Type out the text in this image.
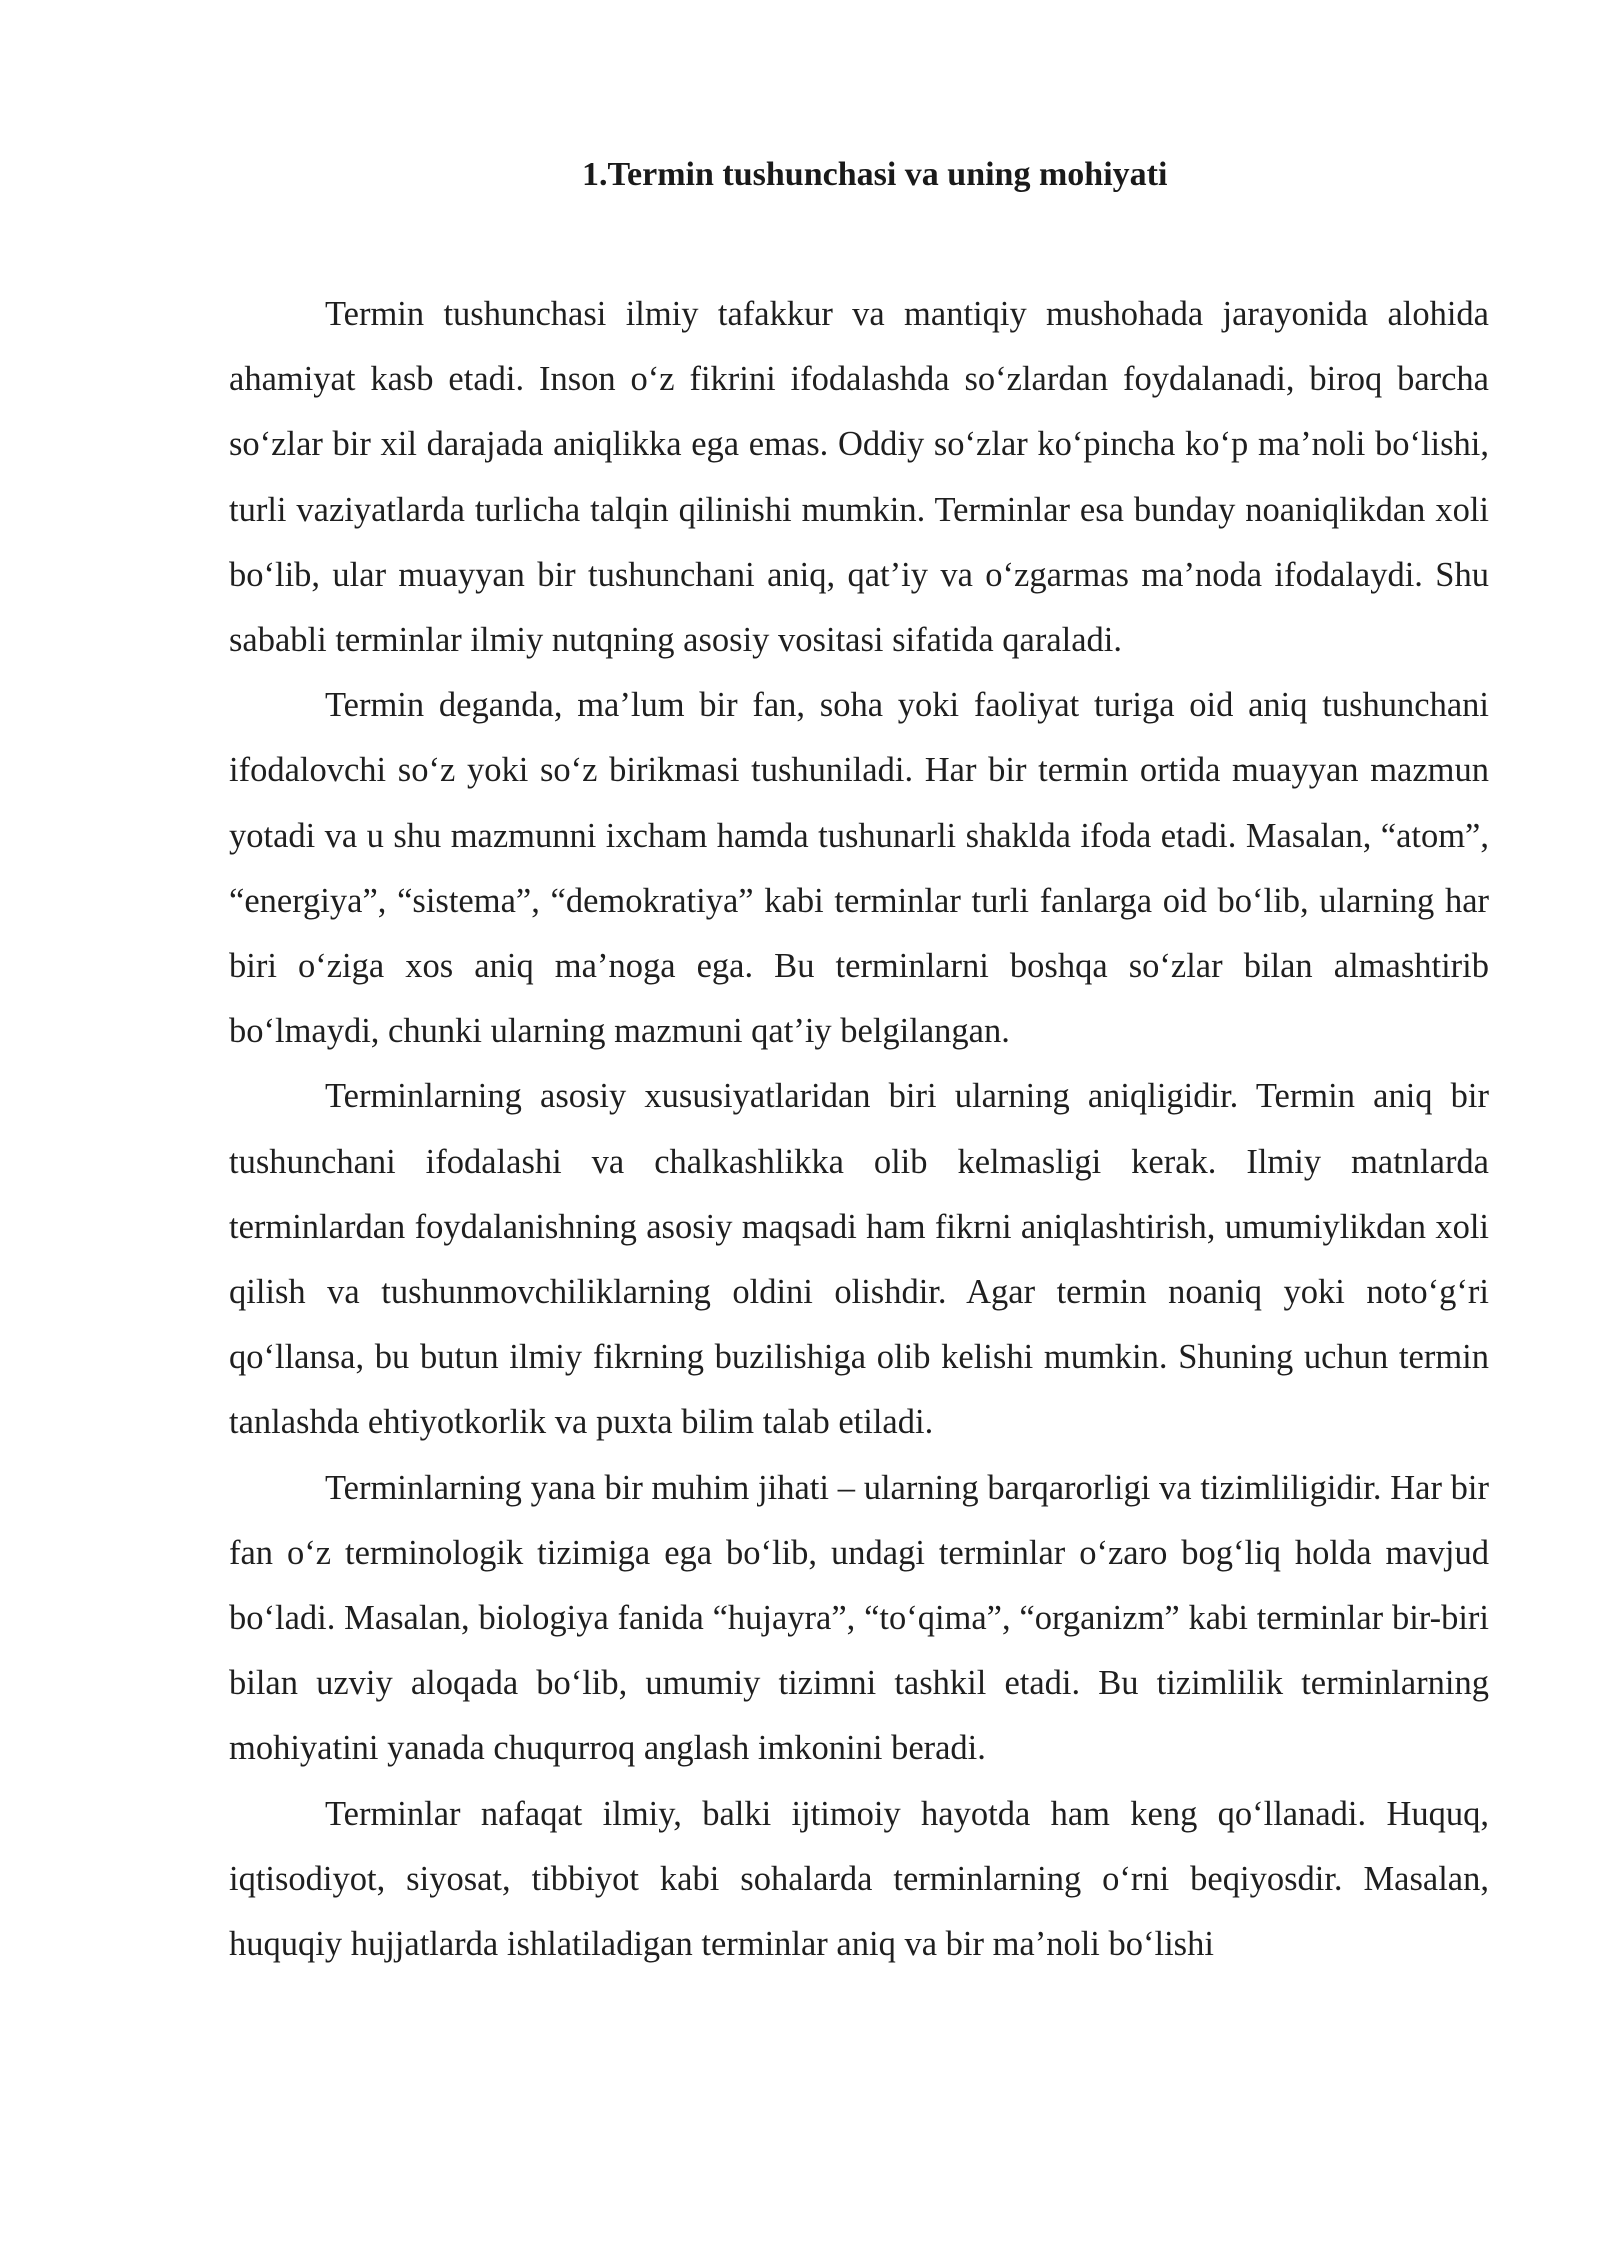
1.Termin tushunchasi va uning mohiyati

Termin tushunchasi ilmiy tafakkur va mantiqiy mushohada jarayonida alohida ahamiyat kasb etadi. Inson o‘z fikrini ifodalashda so‘zlardan foydalanadi, biroq barcha so‘zlar bir xil darajada aniqlikka ega emas. Oddiy so‘zlar ko‘pincha ko‘p ma’noli bo‘lishi, turli vaziyatlarda turlicha talqin qilinishi mumkin. Terminlar esa bunday noaniqlikdan xoli bo‘lib, ular muayyan bir tushunchani aniq, qat’iy va o‘zgarmas ma’noda ifodalaydi. Shu sababli terminlar ilmiy nutqning asosiy vositasi sifatida qaraladi.

Termin deganda, ma’lum bir fan, soha yoki faoliyat turiga oid aniq tushunchani ifodalovchi so‘z yoki so‘z birikmasi tushuniladi. Har bir termin ortida muayyan mazmun yotadi va u shu mazmunni ixcham hamda tushunarli shaklda ifoda etadi. Masalan, “atom”, “energiya”, “sistema”, “demokratiya” kabi terminlar turli fanlarga oid bo‘lib, ularning har biri o‘ziga xos aniq ma’noga ega. Bu terminlarni boshqa so‘zlar bilan almashtirib bo‘lmaydi, chunki ularning mazmuni qat’iy belgilangan.

Terminlarning asosiy xususiyatlaridan biri ularning aniqligidir. Termin aniq bir tushunchani ifodalashi va chalkashlikka olib kelmasligi kerak. Ilmiy matnlarda terminlardan foydalanishning asosiy maqsadi ham fikrni aniqlashtirish, umumiylikdan xoli qilish va tushunmovchiliklarning oldini olishdir. Agar termin noaniq yoki noto‘g‘ri qo‘llansa, bu butun ilmiy fikrning buzilishiga olib kelishi mumkin. Shuning uchun termin tanlashda ehtiyotkorlik va puxta bilim talab etiladi.

Terminlarning yana bir muhim jihati – ularning barqarorligi va tizimliligidir. Har bir fan o‘z terminologik tizimiga ega bo‘lib, undagi terminlar o‘zaro bog‘liq holda mavjud bo‘ladi. Masalan, biologiya fanida “hujayra”, “to‘qima”, “organizm” kabi terminlar bir-biri bilan uzviy aloqada bo‘lib, umumiy tizimni tashkil etadi. Bu tizimlilik terminlarning mohiyatini yanada chuqurroq anglash imkonini beradi.

Terminlar nafaqat ilmiy, balki ijtimoiy hayotda ham keng qo‘llanadi. Huquq, iqtisodiyot, siyosat, tibbiyot kabi sohalarda terminlarning o‘rni beqiyosdir. Masalan, huquqiy hujjatlarda ishlatiladigan terminlar aniq va bir ma’noli bo‘lishi
